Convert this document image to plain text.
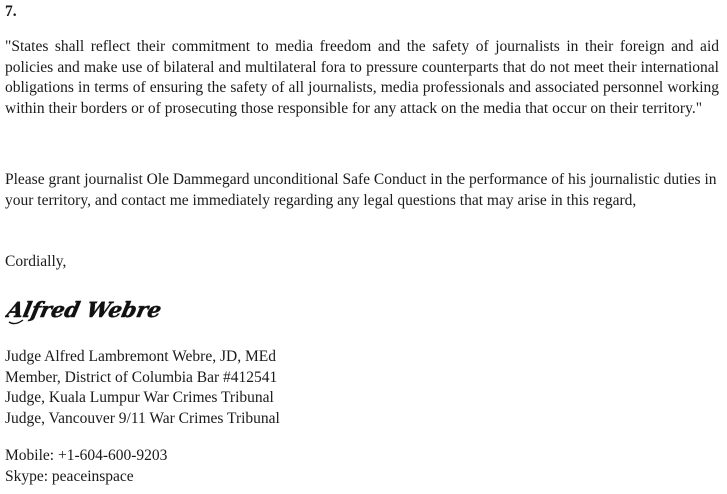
7.

"States shall reflect their commitment to media freedom and the safety of journalists in their foreign and aid policies and make use of bilateral and multilateral fora to pressure counterparts that do not meet their international obligations in terms of ensuring the safety of all journalists, media professionals and associated personnel working within their borders or of prosecuting those responsible for any attack on the media that occur on their territory."

Please grant journalist Ole Dammegard unconditional Safe Conduct in the performance of his journalistic duties in your territory, and contact me immediately regarding any legal questions that may arise in this regard,

Cordially,

Alfred Webre
Judge Alfred Lambremont Webre, JD, MEd
Member, District of Columbia Bar #412541
Judge, Kuala Lumpur War Crimes Tribunal
Judge, Vancouver 9/11 War Crimes Tribunal
Mobile: +1-604-600-9203
Skype: peaceinspace
